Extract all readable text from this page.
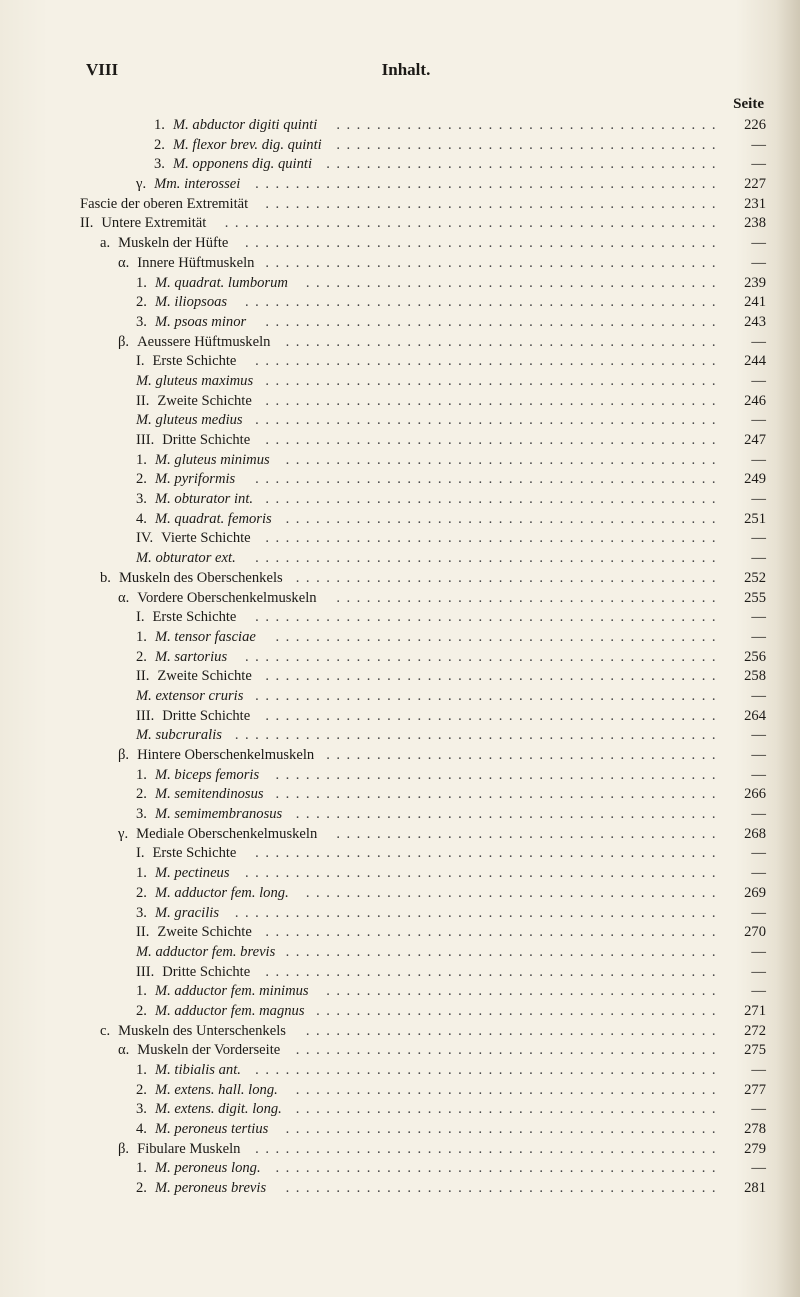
VIII	Inhalt.
Seite
1. M. abductor digiti quinti	......................................	226
2. M. flexor brev. dig. quinti	......................................	—
3. M. opponens dig. quinti .......................................	—
γ. Mm. interossei	..............................................	227
Fascie der oberen Extremität	.............................................	231
II. Untere Extremität	.................................................	238
a. Muskeln der Hüfte	...............................................	—
α. Innere Hüftmuskeln .............................................	—
1. M. quadrat. lumborum	.........................................	239
2. M. iliopsoas	...............................................	241
3. M. psoas minor	.............................................	243
β. Aeussere Hüftmuskeln	...........................................	—
I. Erste Schichte	..............................................	244
M. gluteus maximus .............................................	—
II. Zweite Schichte .............................................	246
M. gluteus medius ..............................................	—
III. Dritte Schichte	.............................................	247
1. M. gluteus minimus	...........................................	—
2. M. pyriformis	..............................................	249
3. M. obturator int. .............................................	—
4. M. quadrat. femoris ...........................................	251
IV. Vierte Schichte	.............................................	—
M. obturator ext.	..............................................	—
b. Muskeln des Oberschenkels ..........................................	252
α. Vordere Oberschenkelmuskeln	......................................	255
I. Erste Schichte	..............................................	—
1. M. tensor fasciae	............................................	—
2. M. sartorius	...............................................	256
II. Zweite Schichte .............................................	258
M. extensor cruris ..............................................	—
III. Dritte Schichte	.............................................	264
M. subcruralis ................................................	—
β. Hintere Oberschenkelmuskeln .......................................	—
1. M. biceps femoris	............................................	—
2. M. semitendinosus ............................................	266
3. M. semimembranosus ..........................................	—
γ. Mediale Oberschenkelmuskeln	......................................	268
I. Erste Schichte	..............................................	—
1. M. pectineus	...............................................	—
2. M. adductor fem. long.	.........................................	269
3. M. gracilis	................................................	—
II. Zweite Schichte .............................................	270
M. adductor fem. brevis ...........................................	—
III. Dritte Schichte	.............................................	—
1. M. adductor fem. minimus	.......................................	—
2. M. adductor fem. magnus ........................................	271
c. Muskeln des Unterschenkels	.........................................	272
α. Muskeln der Vorderseite	..........................................	275
1. M. tibialis ant. ..............................................	—
2. M. extens. hall. long.	..........................................	277
3. M. extens. digit. long. ..........................................	—
4. M. peroneus tertius	...........................................	278
β. Fibulare Muskeln	..............................................	279
1. M. peroneus long.	............................................	—
2. M. peroneus brevis	...........................................	281
